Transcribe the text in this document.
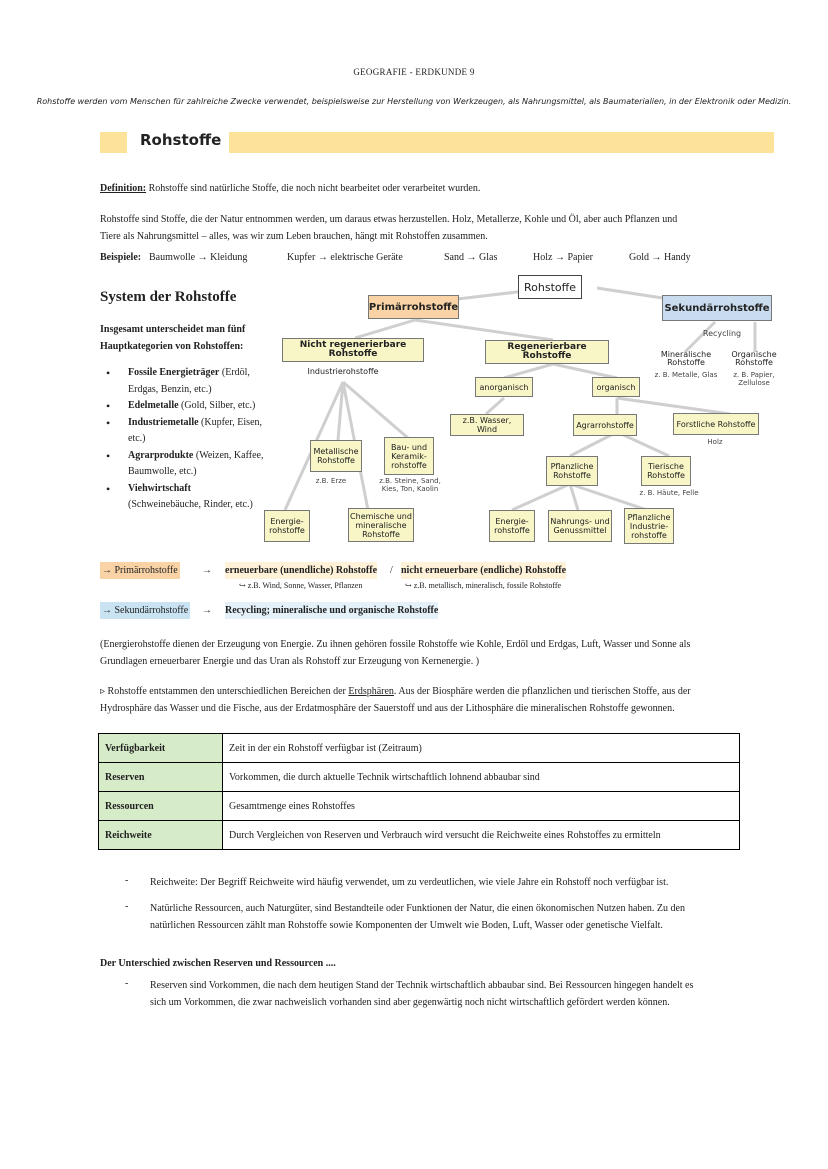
GEOGRAFIE - ERDKUNDE 9
Rohstoffe werden vom Menschen für zahlreiche Zwecke verwendet, beispielsweise zur Herstellung von Werkzeugen, als Nahrungsmittel, als Baumaterialien, in der Elektronik oder Medizin.
Rohstoffe
Definition: Rohstoffe sind natürliche Stoffe, die noch nicht bearbeitet oder verarbeitet wurden.
Rohstoffe sind Stoffe, die der Natur entnommen werden, um daraus etwas herzustellen. Holz, Metallerze, Kohle und Öl, aber auch Pflanzen und
Tiere als Nahrungsmittel – alles, was wir zum Leben brauchen, hängt mit Rohstoffen zusammen.
Beispiele: Baumwolle → Kleidung	Kupfer → elektrische Geräte	Sand → Glas	Holz → Papier	Gold → Handy
System der Rohstoffe
Insgesamt unterscheidet man fünf Hauptkategorien von Rohstoffen:
• Fossile Energieträger (Erdöl, Erdgas, Benzin, etc.)
• Edelmetalle (Gold, Silber, etc.)
• Industriemetalle (Kupfer, Eisen, etc.)
• Agrarprodukte (Weizen, Kaffee, Baumwolle, etc.)
• Viehwirtschaft (Schweinebäuche, Rinder, etc.)
Rohstoffe
Primärrohstoffe	Sekundärrohstoffe
Recycling
Mineralische Rohstoffe
z. B. Metalle, Glas
Organische Rohstoffe
z. B. Papier, Zellulose
Nicht regenerierbare Rohstoffe
Industrierohstoffe
Regenerierbare Rohstoffe
anorganisch	organisch
z.B. Wasser, Wind	Agrarrohstoffe	Forstliche Rohstoffe
Holz
Metallische Rohstoffe
z.B. Erze
Bau- und Keramik-rohstoffe
z.B. Steine, Sand, Kies, Ton, Kaolin
Pflanzliche Rohstoffe
Tierische Rohstoffe
z. B. Häute, Felle
Energie-rohstoffe
Chemische und mineralische Rohstoffe
Energie-rohstoffe
Nahrungs- und Genussmittel
Pflanzliche Industrie-rohstoffe
→ Primärrohstoffe → erneuerbare (unendliche) Rohstoffe / nicht erneuerbare (endliche) Rohstoffe
↪ z.B. Wind, Sonne, Wasser, Pflanzen	↪ z.B. metallisch, mineralisch, fossile Rohstoffe
→ Sekundärrohstoffe → Recycling; mineralische und organische Rohstoffe
(Energierohstoffe dienen der Erzeugung von Energie. Zu ihnen gehören fossile Rohstoffe wie Kohle, Erdöl und Erdgas, Luft, Wasser und Sonne als
Grundlagen erneuerbarer Energie und das Uran als Rohstoff zur Erzeugung von Kernenergie. )
▹ Rohstoffe entstammen den unterschiedlichen Bereichen der Erdsphären. Aus der Biosphäre werden die pflanzlichen und tierischen Stoffe, aus der
Hydrosphäre das Wasser und die Fische, aus der Erdatmosphäre der Sauerstoff und aus der Lithosphäre die mineralischen Rohstoffe gewonnen.
Verfügbarkeit	Zeit in der ein Rohstoff verfügbar ist (Zeitraum)
Reserven	Vorkommen, die durch aktuelle Technik wirtschaftlich lohnend abbaubar sind
Ressourcen	Gesamtmenge eines Rohstoffes
Reichweite	Durch Vergleichen von Reserven und Verbrauch wird versucht die Reichweite eines Rohstoffes zu ermitteln
- Reichweite: Der Begriff Reichweite wird häufig verwendet, um zu verdeutlichen, wie viele Jahre ein Rohstoff noch verfügbar ist.
- Natürliche Ressourcen, auch Naturgüter, sind Bestandteile oder Funktionen der Natur, die einen ökonomischen Nutzen haben. Zu den
natürlichen Ressourcen zählt man Rohstoffe sowie Komponenten der Umwelt wie Boden, Luft, Wasser oder genetische Vielfalt.
Der Unterschied zwischen Reserven und Ressourcen ....
- Reserven sind Vorkommen, die nach dem heutigen Stand der Technik wirtschaftlich abbaubar sind. Bei Ressourcen hingegen handelt es
sich um Vorkommen, die zwar nachweislich vorhanden sind aber gegenwärtig noch nicht wirtschaftlich gefördert werden können.
